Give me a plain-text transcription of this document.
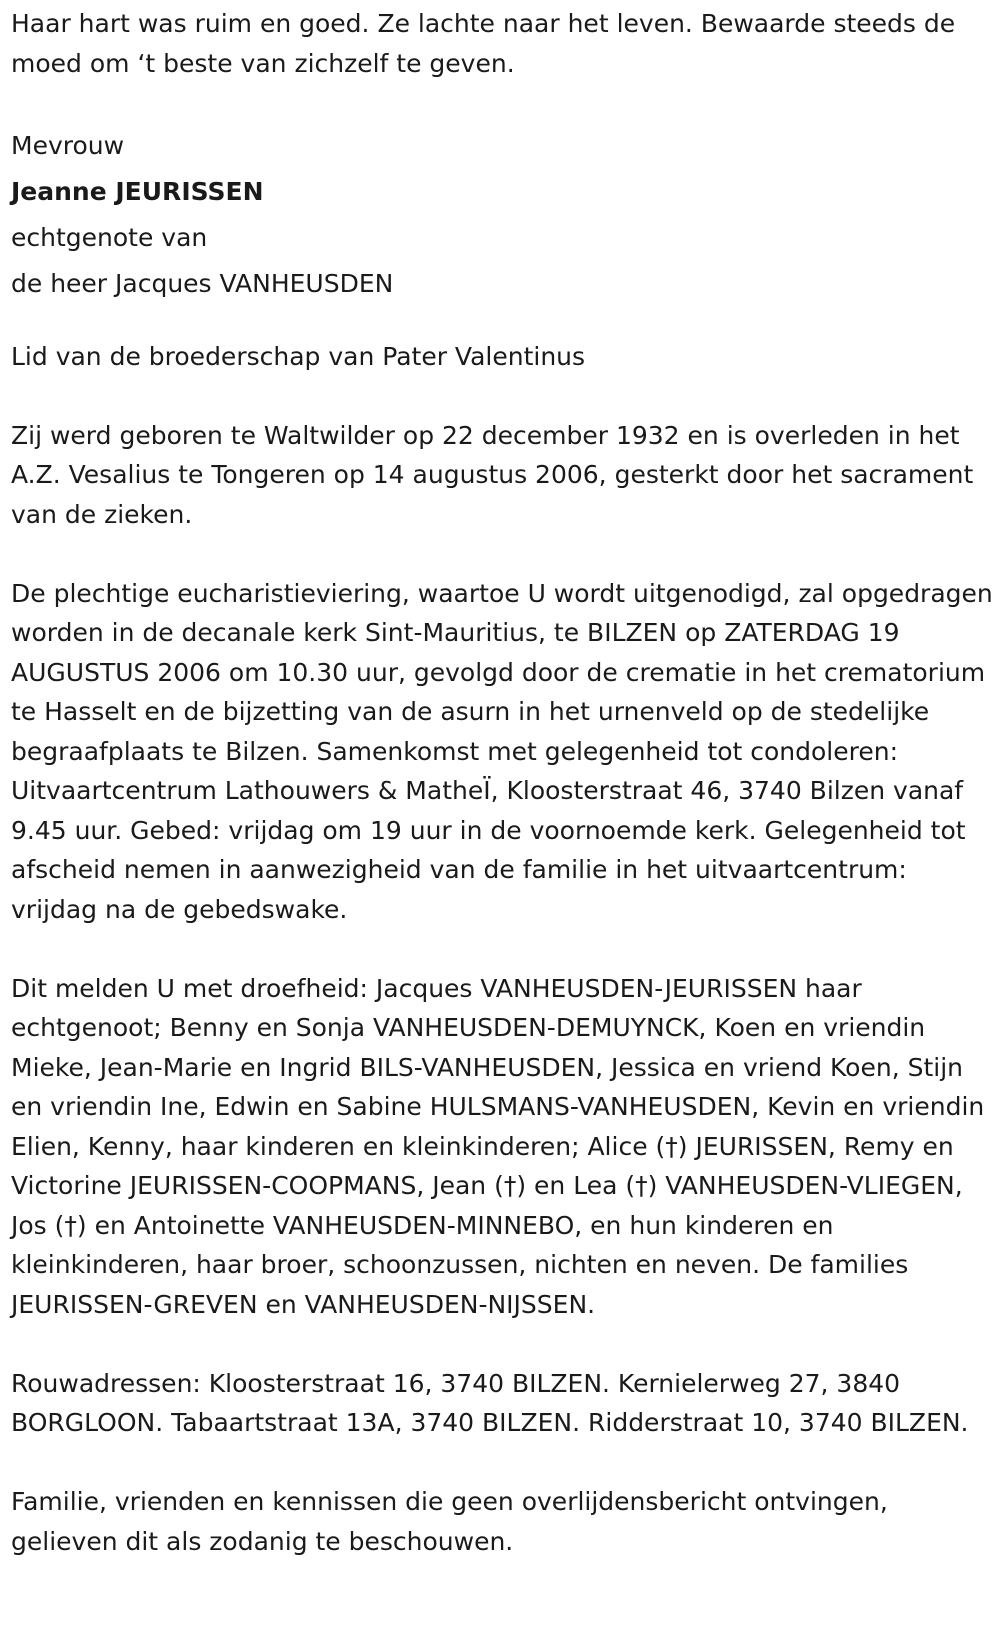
Haar hart was ruim en goed. Ze lachte naar het leven. Bewaarde steeds de moed om ‘t beste van zichzelf te geven.

Mevrouw

Jeanne JEURISSEN

echtgenote van

de heer Jacques VANHEUSDEN

Lid van de broederschap van Pater Valentinus

Zij werd geboren te Waltwilder op 22 december 1932 en is overleden in het A.Z. Vesalius te Tongeren op 14 augustus 2006, gesterkt door het sacrament van de zieken.

De plechtige eucharistieviering, waartoe U wordt uitgenodigd, zal opgedragen worden in de decanale kerk Sint-Mauritius, te BILZEN op ZATERDAG 19 AUGUSTUS 2006 om 10.30 uur, gevolgd door de crematie in het crematorium te Hasselt en de bijzetting van de asurn in het urnenveld op de stedelijke begraafplaats te Bilzen. Samenkomst met gelegenheid tot condoleren: Uitvaartcentrum Lathouwers & MatheÏ, Kloosterstraat 46, 3740 Bilzen vanaf 9.45 uur. Gebed: vrijdag om 19 uur in de voornoemde kerk. Gelegenheid tot afscheid nemen in aanwezigheid van de familie in het uitvaartcentrum: vrijdag na de gebedswake.

Dit melden U met droefheid: Jacques VANHEUSDEN-JEURISSEN haar echtgenoot; Benny en Sonja VANHEUSDEN-DEMUYNCK, Koen en vriendin Mieke, Jean-Marie en Ingrid BILS-VANHEUSDEN, Jessica en vriend Koen, Stijn en vriendin Ine, Edwin en Sabine HULSMANS-VANHEUSDEN, Kevin en vriendin Elien, Kenny, haar kinderen en kleinkinderen; Alice (†) JEURISSEN, Remy en Victorine JEURISSEN-COOPMANS, Jean (†) en Lea (†) VANHEUSDEN-VLIEGEN, Jos (†) en Antoinette VANHEUSDEN-MINNEBO, en hun kinderen en kleinkinderen, haar broer, schoonzussen, nichten en neven. De families JEURISSEN-GREVEN en VANHEUSDEN-NIJSSEN.

Rouwadressen: Kloosterstraat 16, 3740 BILZEN. Kernielerweg 27, 3840 BORGLOON. Tabaartstraat 13A, 3740 BILZEN. Ridderstraat 10, 3740 BILZEN.

Familie, vrienden en kennissen die geen overlijdensbericht ontvingen, gelieven dit als zodanig te beschouwen.
